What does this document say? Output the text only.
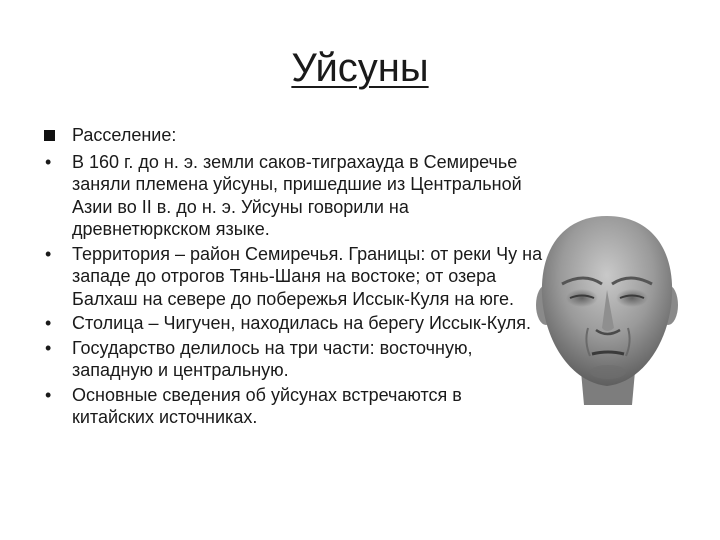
Уйсуны
Расселение:
• В 160 г. до н. э. земли саков-тиграхауда в Семиречье заняли племена уйсуны, пришедшие из Центральной Азии во II в. до н. э. Уйсуны говорили на древнетюркском языке.
• Территория – район Семиречья. Границы: от реки Чу на западе до отрогов Тянь-Шаня на востоке; от озера Балхаш на севере до побережья Иссык-Куля на юге.
• Столица – Чигучен, находилась на берегу Иссык-Куля.
• Государство делилось на три части: восточную, западную и центральную.
• Основные сведения об уйсунах встречаются в китайских источниках.
